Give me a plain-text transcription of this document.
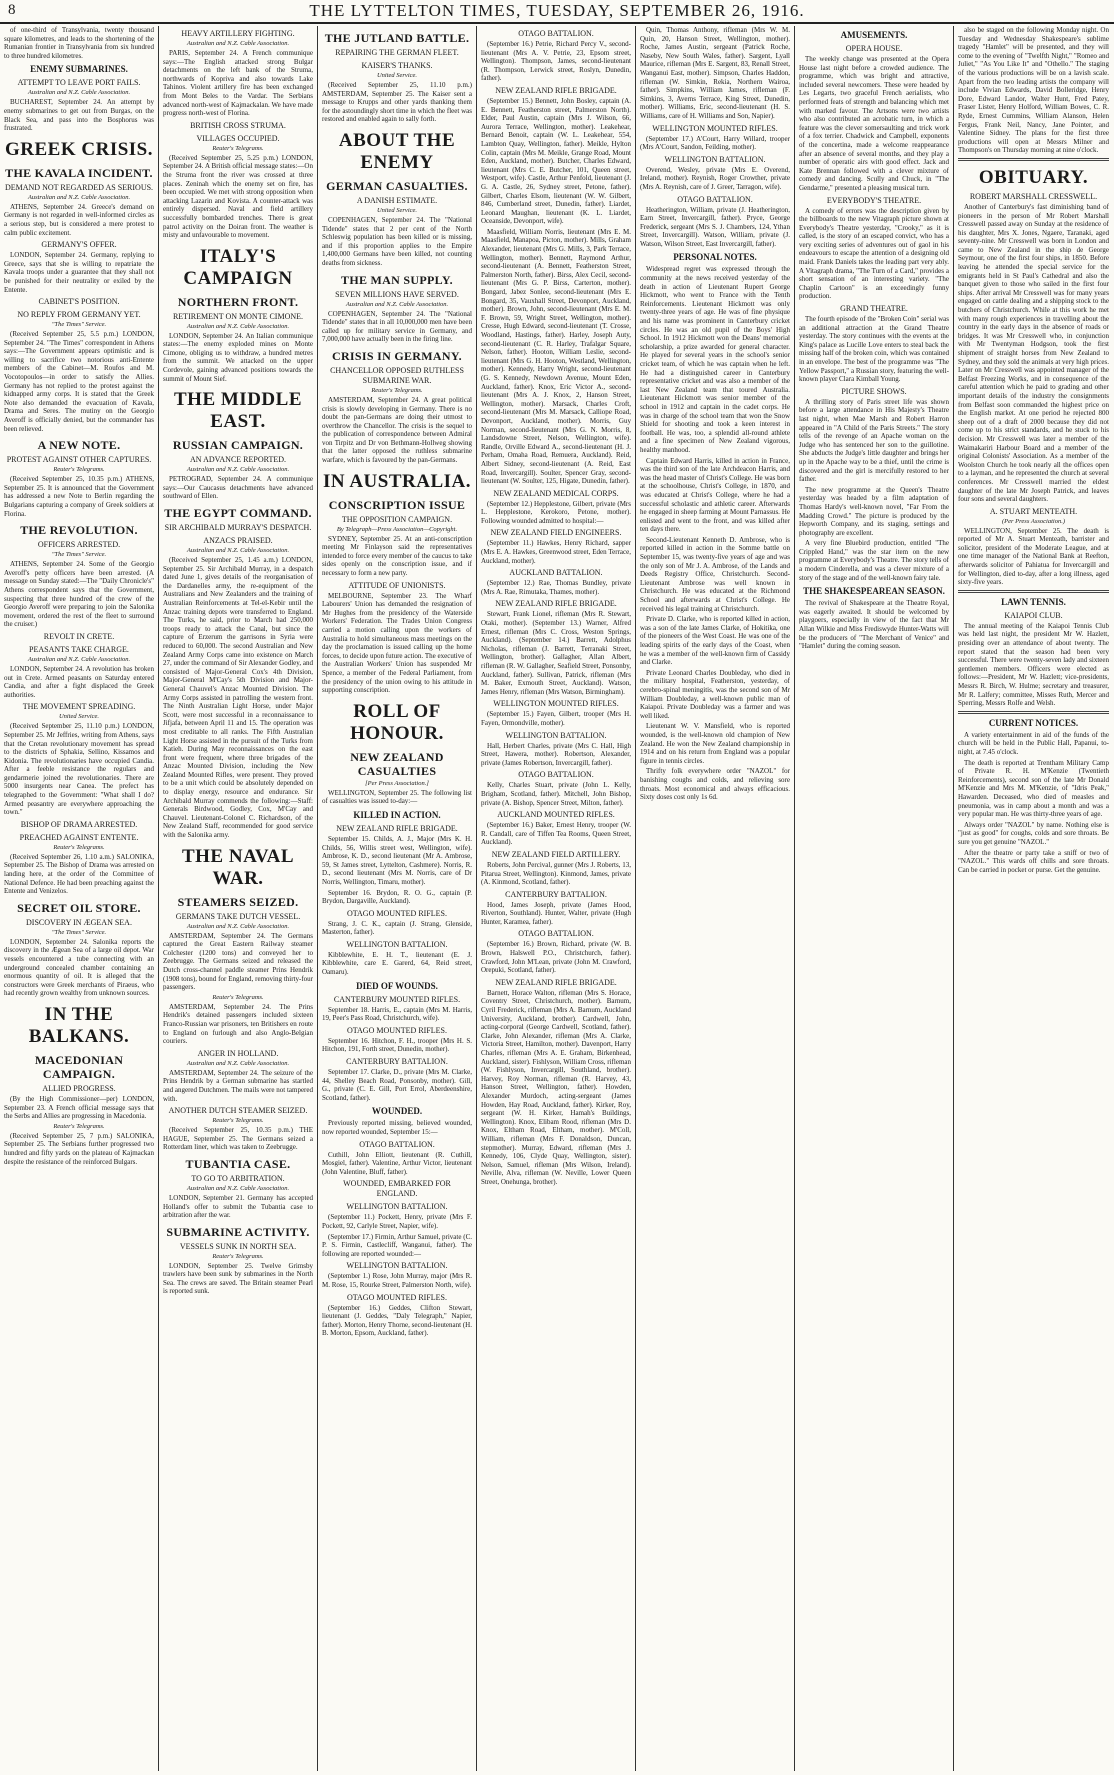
8	THE LYTTELTON TIMES, TUESDAY, SEPTEMBER 26, 1916.

of one-third of Transylvania, twenty thousand square kilometres, and leads to the shortening of the Rumanian frontier in Transylvania from six hundred to three hundred kilometres.

ENEMY SUBMARINES.
ATTEMPT TO LEAVE PORT FAILS.
Australian and N.Z. Cable Association.

BUCHAREST, September 24. An attempt by enemy submarines to get out from Burgas, on the Black Sea, and pass into the Bosphorus was frustrated.

GREEK CRISIS.
THE KAVALA INCIDENT.
DEMAND NOT REGARDED AS SERIOUS.
Australian and N.Z. Cable Association.

ATHENS, September 24. Greece's demand on Germany is not regarded in well-informed circles as a serious step, but is considered a mere protest to calm public excitement.

GERMANY'S OFFER.

LONDON, September 24. Germany, replying to Greece, says that she is willing to repatriate the Kavala troops under a guarantee that they shall not be punished for their neutrality or exiled by the Entente.

CABINET'S POSITION.
NO REPLY FROM GERMANY YET.
"The Times" Service.

(Received September 25, 5.5 p.m.) LONDON, September 24. "The Times" correspondent in Athens says:—The Government appears optimistic and is willing to sacrifice two notorious anti-Entente members of the Cabinet—M. Roufos and M. Vocotopoulos—in order to satisfy the Allies. Germany has not replied to the protest against the kidnapped army corps. It is stated that the Greek Note also demanded the evacuation of Kavala, Drama and Seres. The mutiny on the Georgio Averoff is officially denied, but the commander has been relieved.

A NEW NOTE.
PROTEST AGAINST OTHER CAPTURES.
Reuter's Telegrams.

(Received September 25, 10.35 p.m.) ATHENS, September 25. It is announced that the Government has addressed a new Note to Berlin regarding the Bulgarians capturing a company of Greek soldiers at Florina.

THE REVOLUTION.
OFFICERS ARRESTED.
"The Times" Service.

ATHENS, September 24. Some of the Georgio Averoff's petty officers have been arrested. (A message on Sunday stated:—The "Daily Chronicle's" Athens correspondent says that the Government, suspecting that three hundred of the crew of the Georgio Averoff were preparing to join the Salonika movement, ordered the rest of the fleet to surround the cruiser.)

REVOLT IN CRETE.
PEASANTS TAKE CHARGE.
Australian and N.Z. Cable Association.

LONDON, September 24. A revolution has broken out in Crete. Armed peasants on Saturday entered Candia, and after a fight displaced the Greek authorities.

THE MOVEMENT SPREADING.
United Service.

(Received September 25, 11.10 p.m.) LONDON, September 25. Mr Jeffries, writing from Athens, says that the Cretan revolutionary movement has spread to the districts of Sphakia, Sellino, Kissamos and Kidonia. The revolutionaries have occupied Candia. After a feeble resistance the regulars and gendarmerie joined the revolutionaries. There are 5000 insurgents near Canea. The prefect has telegraphed to the Government: "What shall I do? Armed peasantry are everywhere approaching the town."

BISHOP OF DRAMA ARRESTED.
PREACHED AGAINST ENTENTE.
Reuter's Telegrams.

(Received September 26, 1.10 a.m.) SALONIKA, September 25. The Bishop of Drama was arrested on landing here, at the order of the Committee of National Defence. He had been preaching against the Entente and Venizelos.

SECRET OIL STORE.
DISCOVERY IN ÆGEAN SEA.
"The Times" Service.

LONDON, September 24. Salonika reports the discovery in the Ægean Sea of a large oil depot. War vessels encountered a tube connecting with an underground concealed chamber containing an enormous quantity of oil. It is alleged that the constructors were Greek merchants of Piraeus, who had recently grown wealthy from unknown sources.

IN THE BALKANS.
MACEDONIAN CAMPAIGN.
ALLIED PROGRESS.

(By the High Commissioner—per) LONDON, September 23. A French official message says that the Serbs and Allies are progressing in Macedonia.

Reuter's Telegrams.

(Received September 25, 7 p.m.) SALONIKA, September 25. The Serbians further progressed two hundred and fifty yards on the plateau of Kajmackan despite the resistance of the reinforced Bulgars.

HEAVY ARTILLERY FIGHTING.
Australian and N.Z. Cable Association.

PARIS, September 24. A French communique says:—The English attacked strong Bulgar detachments on the left bank of the Struma, northwards of Kopriva and also towards Lake Tahinos. Violent artillery fire has been exchanged from Mont Beles to the Vardar. The Serbians advanced north-west of Kajmackalan. We have made progress north-west of Florina.

BRITISH CROSS STRUMA.
VILLAGES OCCUPIED.
Reuter's Telegrams.

(Received September 25, 5.25 p.m.) LONDON, September 24. A British official message states:—On the Struma front the river was crossed at three places. Zeninah which the enemy set on fire, has been occupied. We met with strong opposition when attacking Lazarin and Kovista. A counter-attack was entirely dispersed. Naval and field artillery successfully bombarded trenches. There is great patrol activity on the Doiran front. The weather is misty and unfavourable to movement.

ITALY'S CAMPAIGN
NORTHERN FRONT.
RETIREMENT ON MONTE CIMONE.
Australian and N.Z. Cable Association.

LONDON, September 24. An Italian communique states:—The enemy exploded mines on Monte Cimone, obliging us to withdraw, a hundred metres from the summit. We attacked on the upper Cordevole, gaining advanced positions towards the summit of Mount Sief.

THE MIDDLE EAST.
RUSSIAN CAMPAIGN.
AN ADVANCE REPORTED.
Australian and N.Z. Cable Association.

PETROGRAD, September 24. A communique says:—Our Caucasus detachments have advanced southward of Ellen.

THE EGYPT COMMAND.
SIR ARCHIBALD MURRAY'S DESPATCH.
ANZACS PRAISED.
Australian and N.Z. Cable Association.

(Received September 25, 1.45 a.m.) LONDON, September 25. Sir Archibald Murray, in a despatch dated June 1, gives details of the reorganisation of the Dardanelles army, the re-equipment of the Australians and New Zealanders and the training of Australian Reinforcements at Tel-el-Kebir until the Anzac training depots were transferred to England. The Turks, he said, prior to March had 250,000 troops ready to attack the Canal, but since the capture of Erzerum the garrisons in Syria were reduced to 60,000. The second Australian and New Zealand Army Corps came into existence on March 27, under the command of Sir Alexander Godley, and consisted of Major-General Cox's 4th Division, Major-General M'Cay's 5th Division and Major-General Chauvel's Anzac Mounted Division. The Army Corps assisted in patrolling the western front. The Ninth Australian Light Horse, under Major Scott, were most successful in a reconnaissance to Jifjafa, between April 11 and 15. The operation was most creditable to all ranks. The Fifth Australian Light Horse assisted in the pursuit of the Turks from Katieh. During May reconnaissances on the east front were frequent, where three brigades of the Anzac Mounted Division, including the New Zealand Mounted Rifles, were present. They proved to be a unit which could be absolutely depended on to display energy, resource and endurance. Sir Archibald Murray commends the following:—Staff: Generals Birdwood, Godley, Cox, M'Cay and Chauvel. Lieutenant-Colonel C. Richardson, of the New Zealand Staff, recommended for good service with the Salonika army.

THE NAVAL WAR.
STEAMERS SEIZED.
GERMANS TAKE DUTCH VESSEL.
Australian and N.Z. Cable Association.

AMSTERDAM, September 24. The Germans captured the Great Eastern Railway steamer Colchester (1200 tons) and conveyed her to Zeebrugge. The Germans seized and released the Dutch cross-channel paddle steamer Prins Hendrik (1908 tons), bound for England, removing thirty-four passengers.

Reuter's Telegrams.

AMSTERDAM, September 24. The Prins Hendrik's detained passengers included sixteen Franco-Russian war prisoners, ten Britishers en route to England on furlough and also Anglo-Belgian couriers.

ANGER IN HOLLAND.
Australian and N.Z. Cable Association.

AMSTERDAM, September 24. The seizure of the Prins Hendrik by a German submarine has startled and angered Dutchmen. The mails were not tampered with.

ANOTHER DUTCH STEAMER SEIZED.
Reuter's Telegrams.

(Received September 25, 10.35 p.m.) THE HAGUE, September 25. The Germans seized a Rotterdam liner, which was taken to Zeebrugge.

TUBANTIA CASE.
TO GO TO ARBITRATION.
Australian and N.Z. Cable Association.

LONDON, September 21. Germany has accepted Holland's offer to submit the Tubantia case to arbitration after the war.

SUBMARINE ACTIVITY.
VESSELS SUNK IN NORTH SEA.
Reuter's Telegrams.

LONDON, September 25. Twelve Grimsby trawlers have been sunk by submarines in the North Sea. The crews are saved. The Britain steamer Pearl is reported sunk.

THE JUTLAND BATTLE.
REPAIRING THE GERMAN FLEET.
KAISER'S THANKS.
United Service.

(Received September 25, 11.10 p.m.) AMSTERDAM, September 25. The Kaiser sent a message to Krupps and other yards thanking them for the astoundingly short time in which the fleet was restored and enabled again to sally forth.

ABOUT THE ENEMY
GERMAN CASUALTIES.
A DANISH ESTIMATE.
United Service.

COPENHAGEN, September 24. The "National Tidende" states that 2 per cent of the North Schleswig population has been killed or is missing, and if this proportion applies to the Empire 1,400,000 Germans have been killed, not counting deaths from sickness.

THE MAN SUPPLY.
SEVEN MILLIONS HAVE SERVED.
Australian and N.Z. Cable Association.

COPENHAGEN, September 24. The "National Tidende" states that in all 10,000,000 men have been called up for military service in Germany, and 7,000,000 have actually been in the firing line.

CRISIS IN GERMANY.
CHANCELLOR OPPOSED RUTHLESS SUBMARINE WAR.
Reuter's Telegrams.

AMSTERDAM, September 24. A great political crisis is slowly developing in Germany. There is no doubt the pan-Germans are doing their utmost to overthrow the Chancellor. The crisis is the sequel to the publication of correspondence between Admiral von Tirpitz and Dr von Bethmann-Hollweg showing that the latter opposed the ruthless submarine warfare, which is favoured by the pan-Germans.

IN AUSTRALIA.
CONSCRIPTION ISSUE
THE OPPOSITION CAMPAIGN.
By Telegraph—Press Association—Copyright.

SYDNEY, September 25. At an anti-conscription meeting Mr Finlayson said the representatives intended to force every member of the caucus to take sides openly on the conscription issue, and if necessary to form a new party.

ATTITUDE OF UNIONISTS.

MELBOURNE, September 23. The Wharf Labourers' Union has demanded the resignation of Mr Hughes from the presidency of the Waterside Workers' Federation. The Trades Union Congress carried a motion calling upon the workers of Australia to hold simultaneous mass meetings on the day the proclamation is issued calling up the home forces, to decide upon future action. The executive of the Australian Workers' Union has suspended Mr Spence, a member of the Federal Parliament, from the presidency of the union owing to his attitude in supporting conscription.

ROLL OF HONOUR.
NEW ZEALAND CASUALTIES
[Per Press Association.]

WELLINGTON, September 25. The following list of casualties was issued to-day:—

KILLED IN ACTION.
NEW ZEALAND RIFLE BRIGADE.

September 15. Childs, A. J., Major (Mrs K. H. Childs, 56, Willis street west, Wellington, wife). Ambrose, K. D., second lieutenant (Mr A. Ambrose, 59, St James street, Lyttelton, Cashmere). Norris, R. D., second lieutenant (Mrs M. Norris, care of Dr Norris, Wellington, Timaru, mother).

September 16. Brydon, R. O. G., captain (P. Brydon, Dargaville, Auckland).

OTAGO MOUNTED RIFLES.

Strang, J. C. K., captain (J. Strang, Glenside, Masterton, father).

WELLINGTON BATTALION.

Kibblewhite, E. H. T., lieutenant (E. J. Kibblewhite, care E. Garerd, 64, Reid street, Oamaru).

DIED OF WOUNDS.
CANTERBURY MOUNTED RIFLES.

September 18. Harris, E., captain (Mrs M. Harris, 19, Peer's Pass Road, Christchurch, wife).

OTAGO MOUNTED RIFLES.

September 16. Hitchon, F. H., trooper (Mrs H. S. Hitchon, 191, Forth street, Dunedin, mother).

CANTERBURY BATTALION.

September 17. Clarke, D., private (Mrs M. Clarke, 44, Shelley Beach Road, Ponsonby, mother). Gill, G., private (C. E. Gill, Port Errol, Aberdeenshire, Scotland, father).

WOUNDED.

Previously reported missing, believed wounded, now reported wounded, September 15:—

OTAGO BATTALION.

Cuthill, John Elliott, lieutenant (R. Cuthill, Mosgiel, father). Valentine, Arthur Victor, lieutenant (John Valentine, Bluff, father).

WOUNDED, EMBARKED FOR ENGLAND.
WELLINGTON BATTALION.

(September 11.) Pockett, Henry, private (Mrs F. Pockett, 92, Carlyle Street, Napier, wife).

(September 17.) Firmin, Arthur Samuel, private (C. P. S. Firmin, Castlecliff, Wanganui, father). The following are reported wounded:—

WELLINGTON BATTALION.

(September 1.) Rose, John Murray, major (Mrs R. M. Rose, 15, Rourke Street, Palmerston North, wife).

OTAGO MOUNTED RIFLES.

(September 16.) Geddes, Clifton Stewart, lieutenant (J. Geddes, "Daly Telegraph," Napier, father). Morton, Henry Thorne, second-lieutenant (H. B. Morton, Epsom, Auckland, father).

OTAGO BATTALION.

(September 16.) Petrie, Richard Percy V., second-lieutenant (Mrs A. V. Petrie, 23, Epsom street, Wellington). Thompson, James, second-lieutenant (R. Thompson, Lerwick street, Roslyn, Dunedin, father).

NEW ZEALAND RIFLE BRIGADE.

(September 15.) Bennett, John Bosley, captain (A. E. Bennett, Featherston street, Palmerston North). Elder, Paul Austin, captain (Mrs J. Wilson, 66, Aurora Terrace, Wellington, mother). Leakehear, Bernard Benoit, captain (W. L. Leakehear, 554, Lambton Quay, Wellington, father). Meikle, Hylton Colin, captain (Mrs M. Meikle, Grange Road, Mount Eden, Auckland, mother). Butcher, Charles Edward, lieutenant (Mrs C. E. Butcher, 101, Queen street, Westport, wife). Castle, Arthur Penfold, lieutenant (J. G. A. Castle, 26, Sydney street, Petone, father). Gilbert, Charles Elsom, lieutenant (W. W. Gilbert, 846, Cumberland street, Dunedin, father). Liardet, Leonard Maughan, lieutenant (K. L. Liardet, Oceanside, Devonport, wife).

Maasfield, William Norris, lieutenant (Mrs E. M. Maasfield, Manapoa, Picton, mother). Mills, Graham Alexander, lieutenant (Mrs G. Mills, 3, Park Terrace, Wellington, mother). Bennett, Raymond Arthur, second-lieutenant (A. Bennett, Featherston Street, Palmerston North, father). Birss, Alex Cecil, second-lieutenant (Mrs G. P. Birss, Carterton, mother). Bongard, Jabez Sonlee, second-lieutenant (Mrs E. Bongard, 35, Vauxhall Street, Devonport, Auckland, mother). Brown, John, second-lieutenant (Mrs E. M. F. Brown, 59, Wright Street, Wellington, mother). Cresse, Hugh Edward, second-lieutenant (T. Crosse, Woodland, Hastings, father). Harley, Joseph Auty, second-lieutenant (C. R. Harley, Trafalgar Square, Nelson, father). Hooton, William Leslie, second-lieutenant (Mrs G. H. Hooton, Westland, Wellington, mother). Kennedy, Harry Wright, second-lieutenant (G. S. Kennedy, Newdown Avenue, Mount Eden, Auckland, father). Knox, Eric Victor A., second-lieutenant (Mrs A. J. Knox, 2, Hanson Street, Wellington, mother). Marsack, Charles Croft, second-lieutenant (Mrs M. Marsack, Calliope Road, Devonport, Auckland, mother). Morris, Guy Norman, second-lieutenant (Mrs G. N. Morris, 8, Landsdowne Street, Nelson, Wellington, wife). Randle, Orville Edward A., second-lieutenant (H. J. Perham, Omaha Road, Remuera, Auckland). Reid, Albert Sidney, second-lieutenant (A. Reid, East Road, Invercargill). Soulter, Spencer Gray, second-lieutenant (W. Soulter, 125, Higate, Dunedin, father).

NEW ZEALAND MEDICAL CORPS.

(September 12.) Hepplestone, Gilbert, private (Mrs L. Hepplestone, Kerokoro, Petone, mother). Following wounded admitted to hospital:—

NEW ZEALAND FIELD ENGINEERS.

(September 11.) Hawkes, Henry Richard, sapper (Mrs E. A. Hawkes, Greenwood street, Eden Terrace, Auckland, mother).

AUCKLAND BATTALION.

(September 12.) Rae, Thomas Bundley, private (Mrs A. Rae, Rimutaka, Thames, mother).

NEW ZEALAND RIFLE BRIGADE.

Stewart, Frank Lionel, rifleman (Mrs R. Stewart, Otaki, mother). (September 13.) Warner, Alfred Ernest, rifleman (Mrs C. Cross, Weston Springs, Auckland). (September 14.) Barrett, Adolphus Nicholas, rifleman (J. Barrett, Terranaki Street, Wellington, brother). Gallagher, Allan Albert, rifleman (R. W. Gallagher, Seafield Street, Ponsonby, Auckland, father). Sullivan, Patrick, rifleman (Mrs M. Baker, Exmouth Street, Auckland). Watson, James Henry, rifleman (Mrs Watson, Birmingham).

WELLINGTON MOUNTED RIFLES.

(September 15.) Fayen, Gilbert, trooper (Mrs H. Fayen, Ormondville, mother).

WELLINGTON BATTALION.

Hall, Herbert Charles, private (Mrs C. Hall, High Street, Hawera, mother). Robertson, Alexander, private (James Robertson, Invercargill, father).

OTAGO BATTALION.

Kelly, Charles Stuart, private (John L. Kelly, Brigham, Scotland, father). Mitchell, John Bishop, private (A. Bishop, Spencer Street, Milton, father).

AUCKLAND MOUNTED RIFLES.

(September 16.) Baker, Ernest Henry, trooper (W. R. Candall, care of Tiffen Tea Rooms, Queen Street, Auckland).

NEW ZEALAND FIELD ARTILLERY.

Roberts, John Percival, gunner (Mrs J. Roberts, 13, Pitarua Street, Wellington). Kinmond, James, private (A. Kinmond, Scotland, father).

CANTERBURY BATTALION.

Hood, James Joseph, private (James Hood, Riverton, Southland). Hunter, Walter, private (Hugh Hunter, Karamea, father).

OTAGO BATTALION.

(September 16.) Brown, Richard, private (W. B. Brown, Halswell P.O., Christchurch, father). Crawford, John M'Lean, private (John M. Crawford, Orepuki, Scotland, father).

NEW ZEALAND RIFLE BRIGADE.

Barnett, Horace Walton, rifleman (Mrs S. Horace, Coventry Street, Christchurch, mother). Barnum, Cyril Frederick, rifleman (Mrs A. Barnum, Auckland University, Auckland, brother). Cardwell, John, acting-corporal (George Cardwell, Scotland, father). Clarke, John Alexander, rifleman (Mrs A. Clarke, Victoria Street, Hamilton, mother). Davenport, Harry Charles, rifleman (Mrs A. E. Graham, Birkenhead, Auckland, sister). Fishlyson, William Cross, rifleman (W. Fishlyson, Invercargill, Southland, brother). Harvey, Roy Norman, rifleman (R. Harvey, 43, Hanson Street, Wellington, father). Howden, Alexander Murdoch, acting-sergeant (James Howden, Hay Road, Auckland, father). Kirker, Roy, sergeant (W. H. Kirker, Hamah's Buildings, Wellington). Knox, Elibam Rood, rifleman (Mrs D. Knox, Eltham Road, Eltham, mother). M'Coll, William, rifleman (Mrs F. Donaldson, Duncan, stepmother). Murray, Edward, rifleman (Mrs J. Kennedy, 106, Clyde Quay, Wellington, sister). Nelson, Samuel, rifleman (Mrs Wilson, Ireland). Neville, Alva, rifleman (W. Neville, Lower Queen Street, Onehunga, brother).

Quin, Thomas Anthony, rifleman (Mrs W. M. Quin, 20, Hanson Street, Wellington, mother). Roche, James Austin, sergeant (Patrick Roche, Naseby, New South Wales, father). Sargent, Lyall Maurice, rifleman (Mrs E. Sargent, 83, Renall Street, Wanganui East, mother). Simpson, Charles Haddon, rifleman (W. Simkin, Rekia, Northern Wairoa, father). Simpkins, William James, rifleman (F. Simkins, 3, Averns Terrace, King Street, Dunedin, mother). Williams, Eric, second-lieutenant (H. S. Williams, care of H. Williams and Son, Napier).

WELLINGTON MOUNTED RIFLES.

(September 17.) A'Court, Harry Willard, trooper (Mrs A'Court, Sandon, Feilding, mother).

WELLINGTON BATTALION.

Overend, Wesley, private (Mrs E. Overend, Ireland, mother). Reynish, Roger Crowther, private (Mrs A. Reynish, care of J. Greer, Tarragon, wife).

OTAGO BATTALION.

Heatherington, William, private (J. Heatherington, Earn Street, Invercargill, father). Pryce, George Frederick, sergeant (Mrs S. J. Chambers, 124, Ythan Street, Invercargill). Watson, William, private (J. Watson, Wilson Street, East Invercargill, father).

PERSONAL NOTES.

Widespread regret was expressed through the community at the news received yesterday of the death in action of Lieutenant Rupert George Hickmott, who went to France with the Tenth Reinforcements. Lieutenant Hickmott was only twenty-three years of age. He was of fine physique and his name was prominent in Canterbury cricket circles. He was an old pupil of the Boys' High School. In 1912 Hickmott won the Deans' memorial scholarship, a prize awarded for general character. He played for several years in the school's senior cricket team, of which he was captain when he left. He had a distinguished career in Canterbury representative cricket and was also a member of the last New Zealand team that toured Australia. Lieutenant Hickmott was senior member of the school in 1912 and captain in the cadet corps. He was in charge of the school team that won the Snow Shield for shooting and took a keen interest in football. He was, too, a splendid all-round athlete and a fine specimen of New Zealand vigorous, healthy manhood.

Captain Edward Harris, killed in action in France, was the third son of the late Archdeacon Harris, and was the head master of Christ's College. He was born at the schoolhouse, Christ's College, in 1870, and was educated at Christ's College, where he had a successful scholastic and athletic career. Afterwards he engaged in sheep farming at Mount Parnassus. He enlisted and went to the front, and was killed after ten days there.

Second-Lieutenant Kenneth D. Ambrose, who is reported killed in action in the Somme battle on September 15, was twenty-five years of age and was the only son of Mr J. A. Ambrose, of the Lands and Deeds Registry Office, Christchurch. Second-Lieutenant Ambrose was well known in Christchurch. He was educated at the Richmond School and afterwards at Christ's College. He received his legal training at Christchurch.

Private D. Clarke, who is reported killed in action, was a son of the late James Clarke, of Hokitika, one of the pioneers of the West Coast. He was one of the leading spirits of the early days of the Coast, when he was a member of the well-known firm of Cassidy and Clarke.

Private Leonard Charles Doubleday, who died in the military hospital, Featherston, yesterday, of cerebro-spinal meningitis, was the second son of Mr William Doubleday, a well-known public man of Kaiapoi. Private Doubleday was a farmer and was well liked.

Lieutenant W. V. Mansfield, who is reported wounded, is the well-known old champion of New Zealand. He won the New Zealand championship in 1914 and on his return from England was a popular figure in tennis circles.

Thrifty folk everywhere order "NAZOL" for banishing coughs and colds, and relieving sore throats. Most economical and always efficacious. Sixty doses cost only 1s 6d.

AMUSEMENTS.
OPERA HOUSE.

The weekly change was presented at the Opera House last night before a crowded audience. The programme, which was bright and attractive, included several newcomers. These were headed by Les Legarts, two graceful French aerialists, who performed feats of strength and balancing which met with marked favour. The Artsons were two artists who also contributed an acrobatic turn, in which a feature was the clever somersaulting and trick work of a fox terrier. Chadwick and Campbell, exponents of the concertina, made a welcome reappearance after an absence of several months, and they play a number of operatic airs with good effect. Jack and Kate Brennan followed with a clever mixture of comedy and dancing. Scully and Chuck, in "The Gendarme," presented a pleasing musical turn.

EVERYBODY'S THEATRE.

A comedy of errors was the description given by the billboards to the new Vitagraph picture shown at Everybody's Theatre yesterday, "Crooky," as it is called, is the story of an escaped convict, who has a very exciting series of adventures out of gaol in his endeavours to escape the attention of a designing old maid. Frank Daniels takes the leading part very ably. A Vitagraph drama, "The Turn of a Card," provides a short sensation of an interesting variety. "The Chaplin Cartoon" is an exceedingly funny production.

GRAND THEATRE.

The fourth episode of the "Broken Coin" serial was an additional attraction at the Grand Theatre yesterday. The story continues with the events at the King's palace as Lucille Love enters to steal back the missing half of the broken coin, which was contained in an envelope. The best of the programme was "The Yellow Passport," a Russian story, featuring the well-known player Clara Kimball Young.

PICTURE SHOWS.

A thrilling story of Paris street life was shown before a large attendance in His Majesty's Theatre last night, when Mae Marsh and Robert Harron appeared in "A Child of the Paris Streets." The story tells of the revenge of an Apache woman on the Judge who has sentenced her son to the guillotine. She abducts the Judge's little daughter and brings her up in the Apache way to be a thief, until the crime is discovered and the girl is mercifully restored to her father.

The new programme at the Queen's Theatre yesterday was headed by a film adaptation of Thomas Hardy's well-known novel, "Far From the Madding Crowd." The picture is produced by the Hepworth Company, and its staging, settings and photography are excellent.

A very fine Bluebird production, entitled "The Crippled Hand," was the star item on the new programme at Everybody's Theatre. The story tells of a modern Cinderella, and was a clever mixture of a story of the stage and of the well-known fairy tale.

THE SHAKESPEAREAN SEASON.

The revival of Shakespeare at the Theatre Royal, was eagerly awaited. It should be welcomed by playgoers, especially in view of the fact that Mr Allan Wilkie and Miss Frediswyde Hunter-Watts will be the producers of "The Merchant of Venice" and "Hamlet" during the coming season.

also be staged on the following Monday night. On Tuesday and Wednesday Shakespeare's sublime tragedy "Hamlet" will be presented, and they will come to the evening of "Twelfth Night," "Romeo and Juliet," "As You Like It" and "Othello." The staging of the various productions will be on a lavish scale. Apart from the two leading artists the company will include Vivian Edwards, David Bolleridge, Henry Dore, Edward Landor, Walter Hunt, Fred Patey, Fraser Lister, Henry Holford, William Bowes, C. R. Ryde, Ernest Cummins, William Alanson, Helen Fergus, Frank Neil, Nancy, Jane Pointer, and Valentine Sidney. The plans for the first three productions will open at Messrs Milner and Thompson's on Thursday morning at nine o'clock.

OBITUARY.
ROBERT MARSHALL CRESSWELL.

Another of Canterbury's fast diminishing band of pioneers in the person of Mr Robert Marshall Cresswell passed away on Sunday at the residence of his daughter, Mrs X. Jones, Ngaere, Taranaki, aged seventy-nine. Mr Cresswell was born in London and came to New Zealand in the ship de George Seymour, one of the first four ships, in 1850. Before leaving he attended the special service for the emigrants held in St Paul's Cathedral and also the banquet given to those who sailed in the first four ships. After arrival Mr Cresswell was for many years engaged on cattle dealing and a shipping stock to the butchers of Christchurch. While at this work he met with many rough experiences in travelling about the country in the early days in the absence of roads or bridges. It was Mr Cresswell who, in conjunction with Mr Twentyman Hodgson, took the first shipment of straight horses from New Zealand to Sydney, and they sold the animals at very high prices. Later on Mr Cresswell was appointed manager of the Belfast Freezing Works, and in consequence of the careful attention which he paid to grading and other important details of the industry the consignments from Belfast soon commanded the highest price on the English market. At one period he rejected 800 sheep out of a draft of 2000 because they did not come up to his strict standards, and he stuck to his decision. Mr Cresswell was later a member of the Waimakariri Harbour Board and a member of the original Colonists' Association. As a member of the Woolston Church he took nearly all the offices open to a layman, and he represented the church at several conferences. Mr Cresswell married the eldest daughter of the late Mr Joseph Patrick, and leaves four sons and several daughters.

A. STUART MENTEATH.
(Per Press Association.)

WELLINGTON, September 25. The death is reported of Mr A. Stuart Menteath, barrister and solicitor, president of the Moderate League, and at one time manager of the National Bank at Reefton, afterwards solicitor of Pahiatua for Invercargill and for Wellington, died to-day, after a long illness, aged sixty-five years.

LAWN TENNIS.
KAIAPOI CLUB.

The annual meeting of the Kaiapoi Tennis Club was held last night, the president Mr W. Hazlett, presiding over an attendance of about twenty. The report stated that the season had been very successful. There were twenty-seven lady and sixteen gentlemen members. Officers were elected as follows:—President, Mr W. Hazlett; vice-presidents, Messrs R. Birch, W. Hulme; secretary and treasurer, Mr R. Lalfery; committee, Misses Ruth, Mercer and Sperring, Messrs Rolfe and Welsh.

CURRENT NOTICES.

A variety entertainment in aid of the funds of the church will be held in the Public Hall, Papanui, to-night, at 7.45 o'clock.

The death is reported at Trentham Military Camp of Private R. H. M'Kenzie (Twentieth Reinforcements), second son of the late Mr Donald M'Kenzie and Mrs M. M'Kenzie, of "Idris Peak," Hawarden. Deceased, who died of measles and pneumonia, was in camp about a month and was a very popular man. He was thirty-three years of age.

Always order "NAZOL" by name. Nothing else is "just as good" for coughs, colds and sore throats. Be sure you get genuine "NAZOL."

After the theatre or party take a sniff or two of "NAZOL." This wards off chills and sore throats. Can be carried in pocket or purse. Get the genuine.
